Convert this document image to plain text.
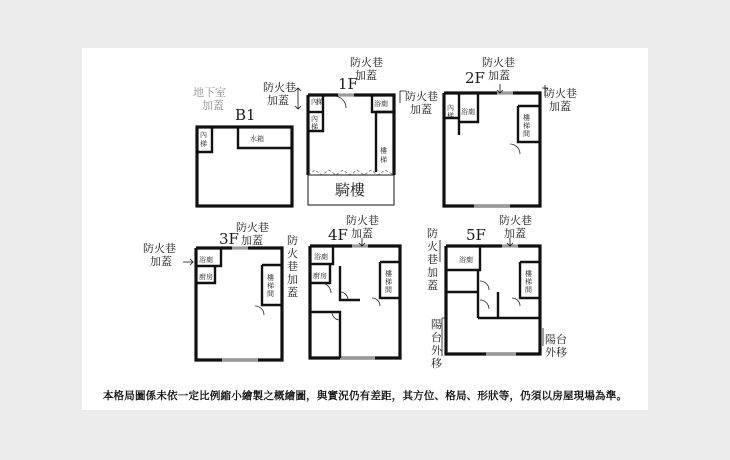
B1
地下室
加蓋
內
梯
水箱
1F
防火巷
加蓋
防火巷
加蓋
防火巷
加蓋
內
梯
內
梯
浴廁
樓
梯
騎樓
2F
防火巷
加蓋
防火巷
加蓋
內
梯 浴廁
樓
梯
間
3F
防火巷
加蓋
防火巷
加蓋 防
火
巷
加
蓋
浴廁
廚房	樓
梯
間
4F
防火巷
加蓋
浴廁
廚房	樓
梯
間
5F
防火巷
加蓋
防
火
巷
加
蓋
陽
台
外
移
陽台
外移
浴廁
樓
梯
間
本格局圖係未依一定比例縮小繪製之概繪圖，與實況仍有差距，其方位、格局、形狀等，仍須以房屋現場為準。
